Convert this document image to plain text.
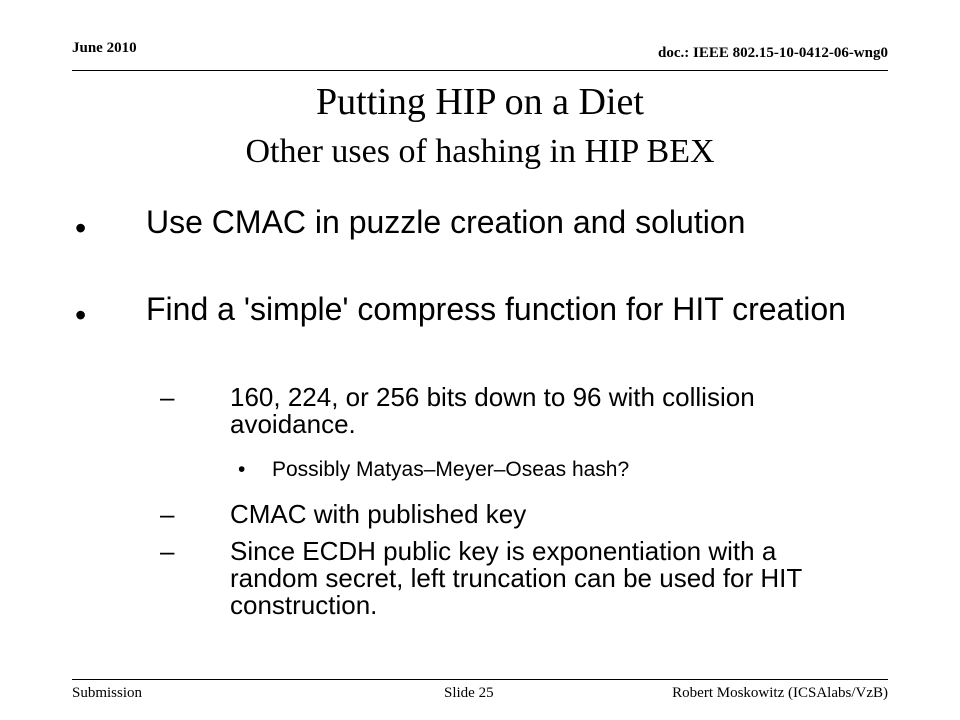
June 2010	doc.: IEEE 802.15-10-0412-06-wng0
Putting HIP on a Diet
Other uses of hashing in HIP BEX
• Use CMAC in puzzle creation and solution
• Find a 'simple' compress function for HIT creation
– 160, 224, or 256 bits down to 96 with collision avoidance.
• Possibly Matyas–Meyer–Oseas hash?
– CMAC with published key
– Since ECDH public key is exponentiation with a random secret, left truncation can be used for HIT construction.
Submission	Slide 25	Robert Moskowitz (ICSAlabs/VzB)
